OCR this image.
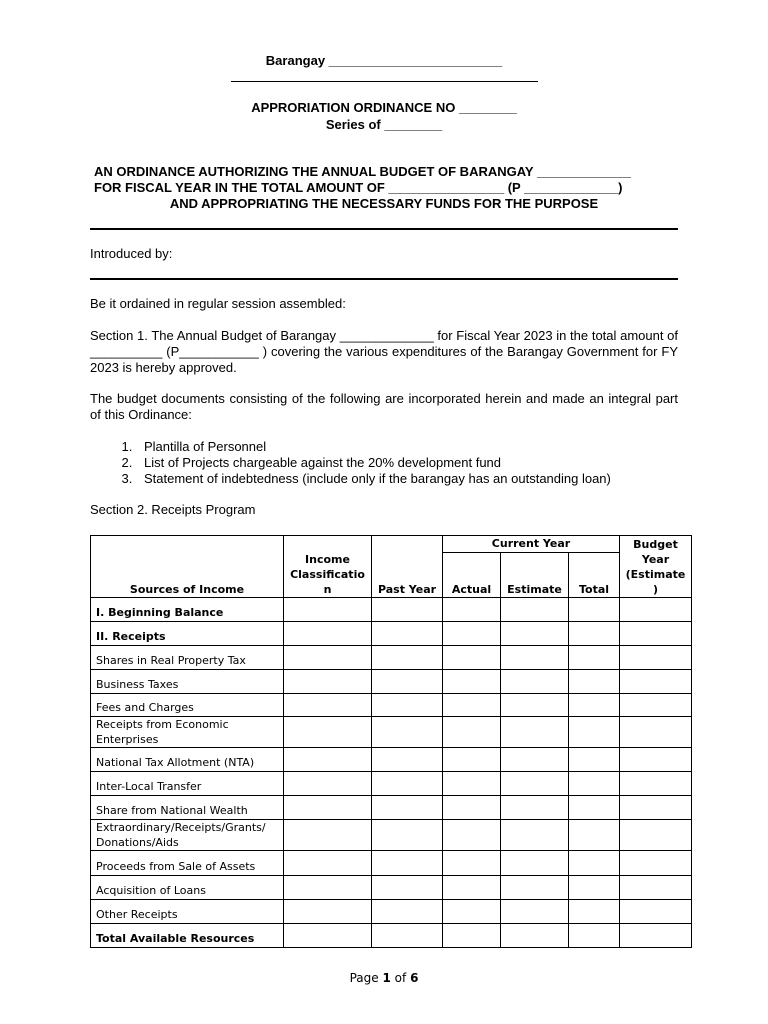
Barangay ________________________
APPRORIATION ORDINANCE NO ________
Series of ________
AN ORDINANCE AUTHORIZING THE ANNUAL BUDGET OF BARANGAY _____________
FOR FISCAL YEAR IN THE TOTAL AMOUNT OF ________________ (P _____________)
AND APPROPRIATING THE NECESSARY FUNDS FOR THE PURPOSE
Introduced by:
Be it ordained in regular session assembled:
Section 1. The Annual Budget of Barangay _____________ for Fiscal Year 2023 in the total amount of __________ (P___________ ) covering the various expenditures of the Barangay Government for FY 2023 is hereby approved.
The budget documents consisting of the following are incorporated herein and made an integral part of this Ordinance:
1. Plantilla of Personnel
2. List of Projects chargeable against the 20% development fund
3. Statement of indebtedness (include only if the barangay has an outstanding loan)
Section 2. Receipts Program
Sources of Income	Income Classificatio n	Past Year	Current Year			Budget Year (Estimate )
			Actual	Estimate	Total	
I. Beginning Balance						
II. Receipts						
Shares in Real Property Tax						
Business Taxes						
Fees and Charges						
Receipts from Economic Enterprises						
National Tax Allotment (NTA)						
Inter-Local Transfer						
Share from National Wealth						
Extraordinary/Receipts/Grants/ Donations/Aids						
Proceeds from Sale of Assets						
Acquisition of Loans						
Other Receipts						
Total Available Resources						
Page 1 of 6
